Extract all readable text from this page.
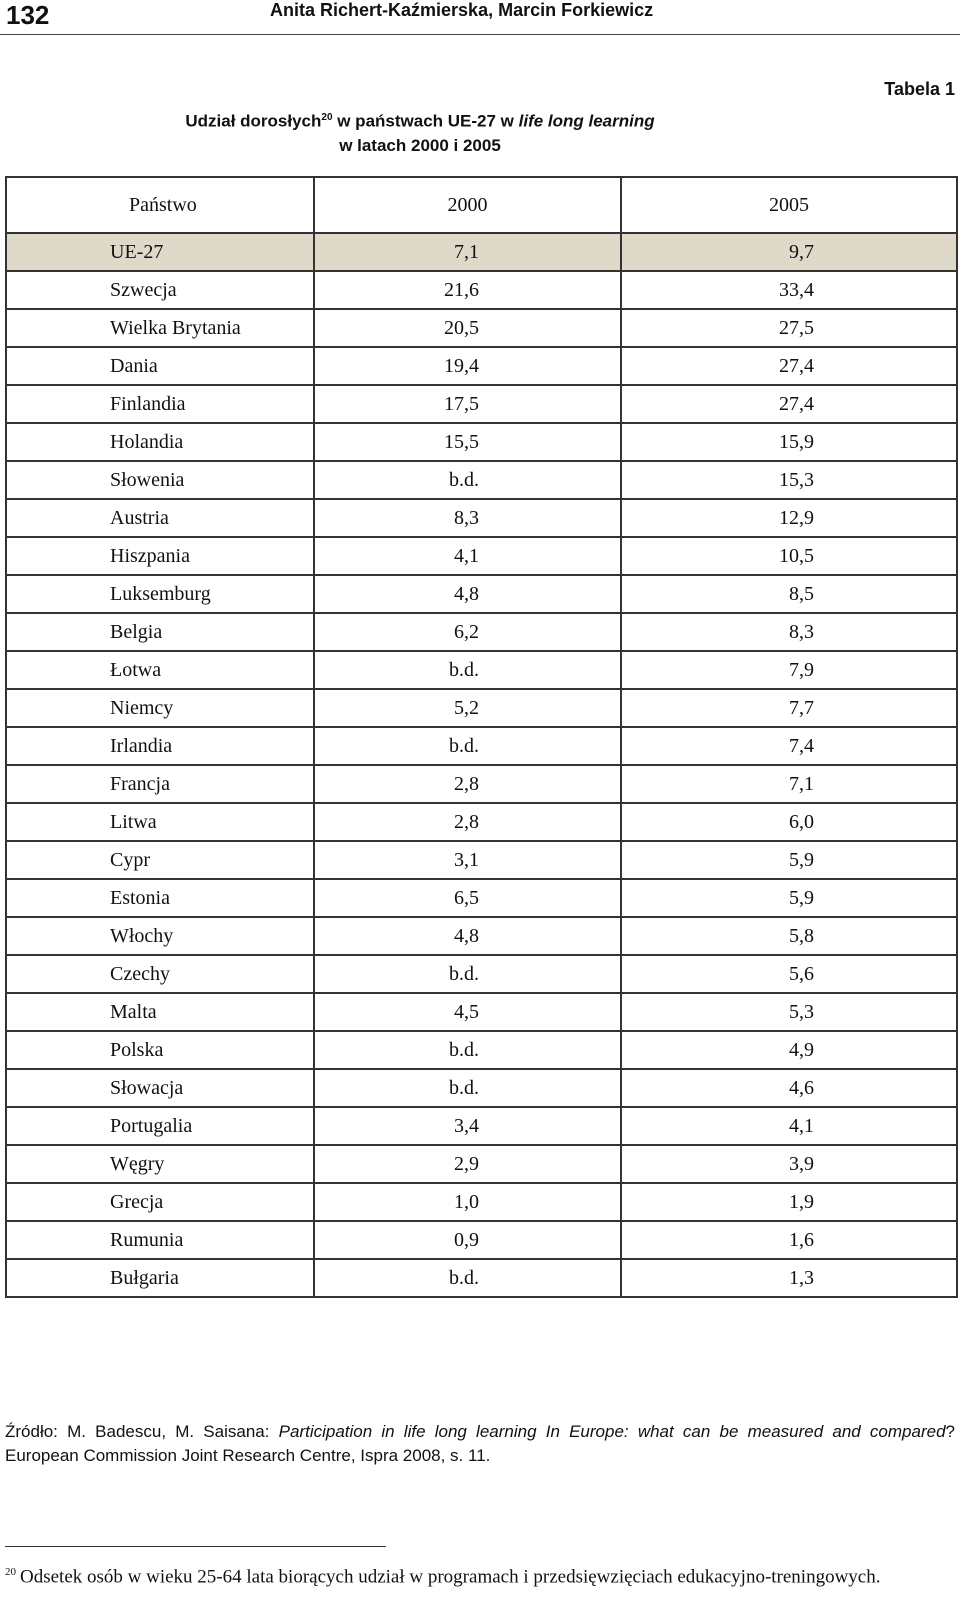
132	Anita Richert-Kaźmierska, Marcin Forkiewicz
Tabela 1
Udział dorosłych$^{20}$ w państwach UE-27 w life long learning
w latach 2000 i 2005
Państwo	2000	2005
UE-27	7,1	9,7
Szwecja	21,6	33,4
Wielka Brytania	20,5	27,5
Dania	19,4	27,4
Finlandia	17,5	27,4
Holandia	15,5	15,9
Słowenia	b.d.	15,3
Austria	8,3	12,9
Hiszpania	4,1	10,5
Luksemburg	4,8	8,5
Belgia	6,2	8,3
Łotwa	b.d.	7,9
Niemcy	5,2	7,7
Irlandia	b.d.	7,4
Francja	2,8	7,1
Litwa	2,8	6,0
Cypr	3,1	5,9
Estonia	6,5	5,9
Włochy	4,8	5,8
Czechy	b.d.	5,6
Malta	4,5	5,3
Polska	b.d.	4,9
Słowacja	b.d.	4,6
Portugalia	3,4	4,1
Węgry	2,9	3,9
Grecja	1,0	1,9
Rumunia	0,9	1,6
Bułgaria	b.d.	1,3
Źródło: M. Badescu, M. Saisana: Participation in life long learning In Europe: what can be measured and compared? European Commission Joint Research Centre, Ispra 2008, s. 11.
$^{20}$ Odsetek osób w wieku 25-64 lata biorących udział w programach i przedsięwzięciach edukacyjno-treningowych.
